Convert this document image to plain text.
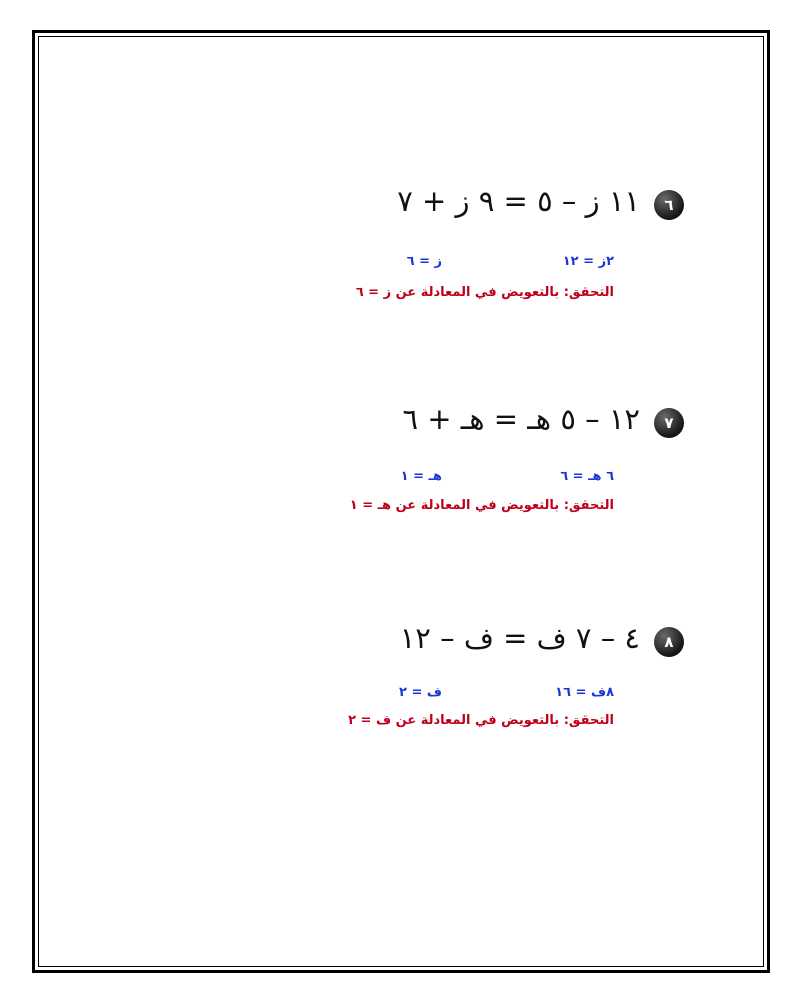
٦
١١ ز – ٥ = ٩ ز + ٧
٢ز = ١٢
ز = ٦
التحقق: بالتعويض في المعادلة عن ز = ٦
٧
١٢ – ٥ هـ = هـ + ٦
٦ هـ = ٦
هـ = ١
التحقق: بالتعويض في المعادلة عن هـ = ١
٨
٤ – ٧ ف = ف – ١٢
٨ف = ١٦
ف = ٢
التحقق: بالتعويض في المعادلة عن ف = ٢
